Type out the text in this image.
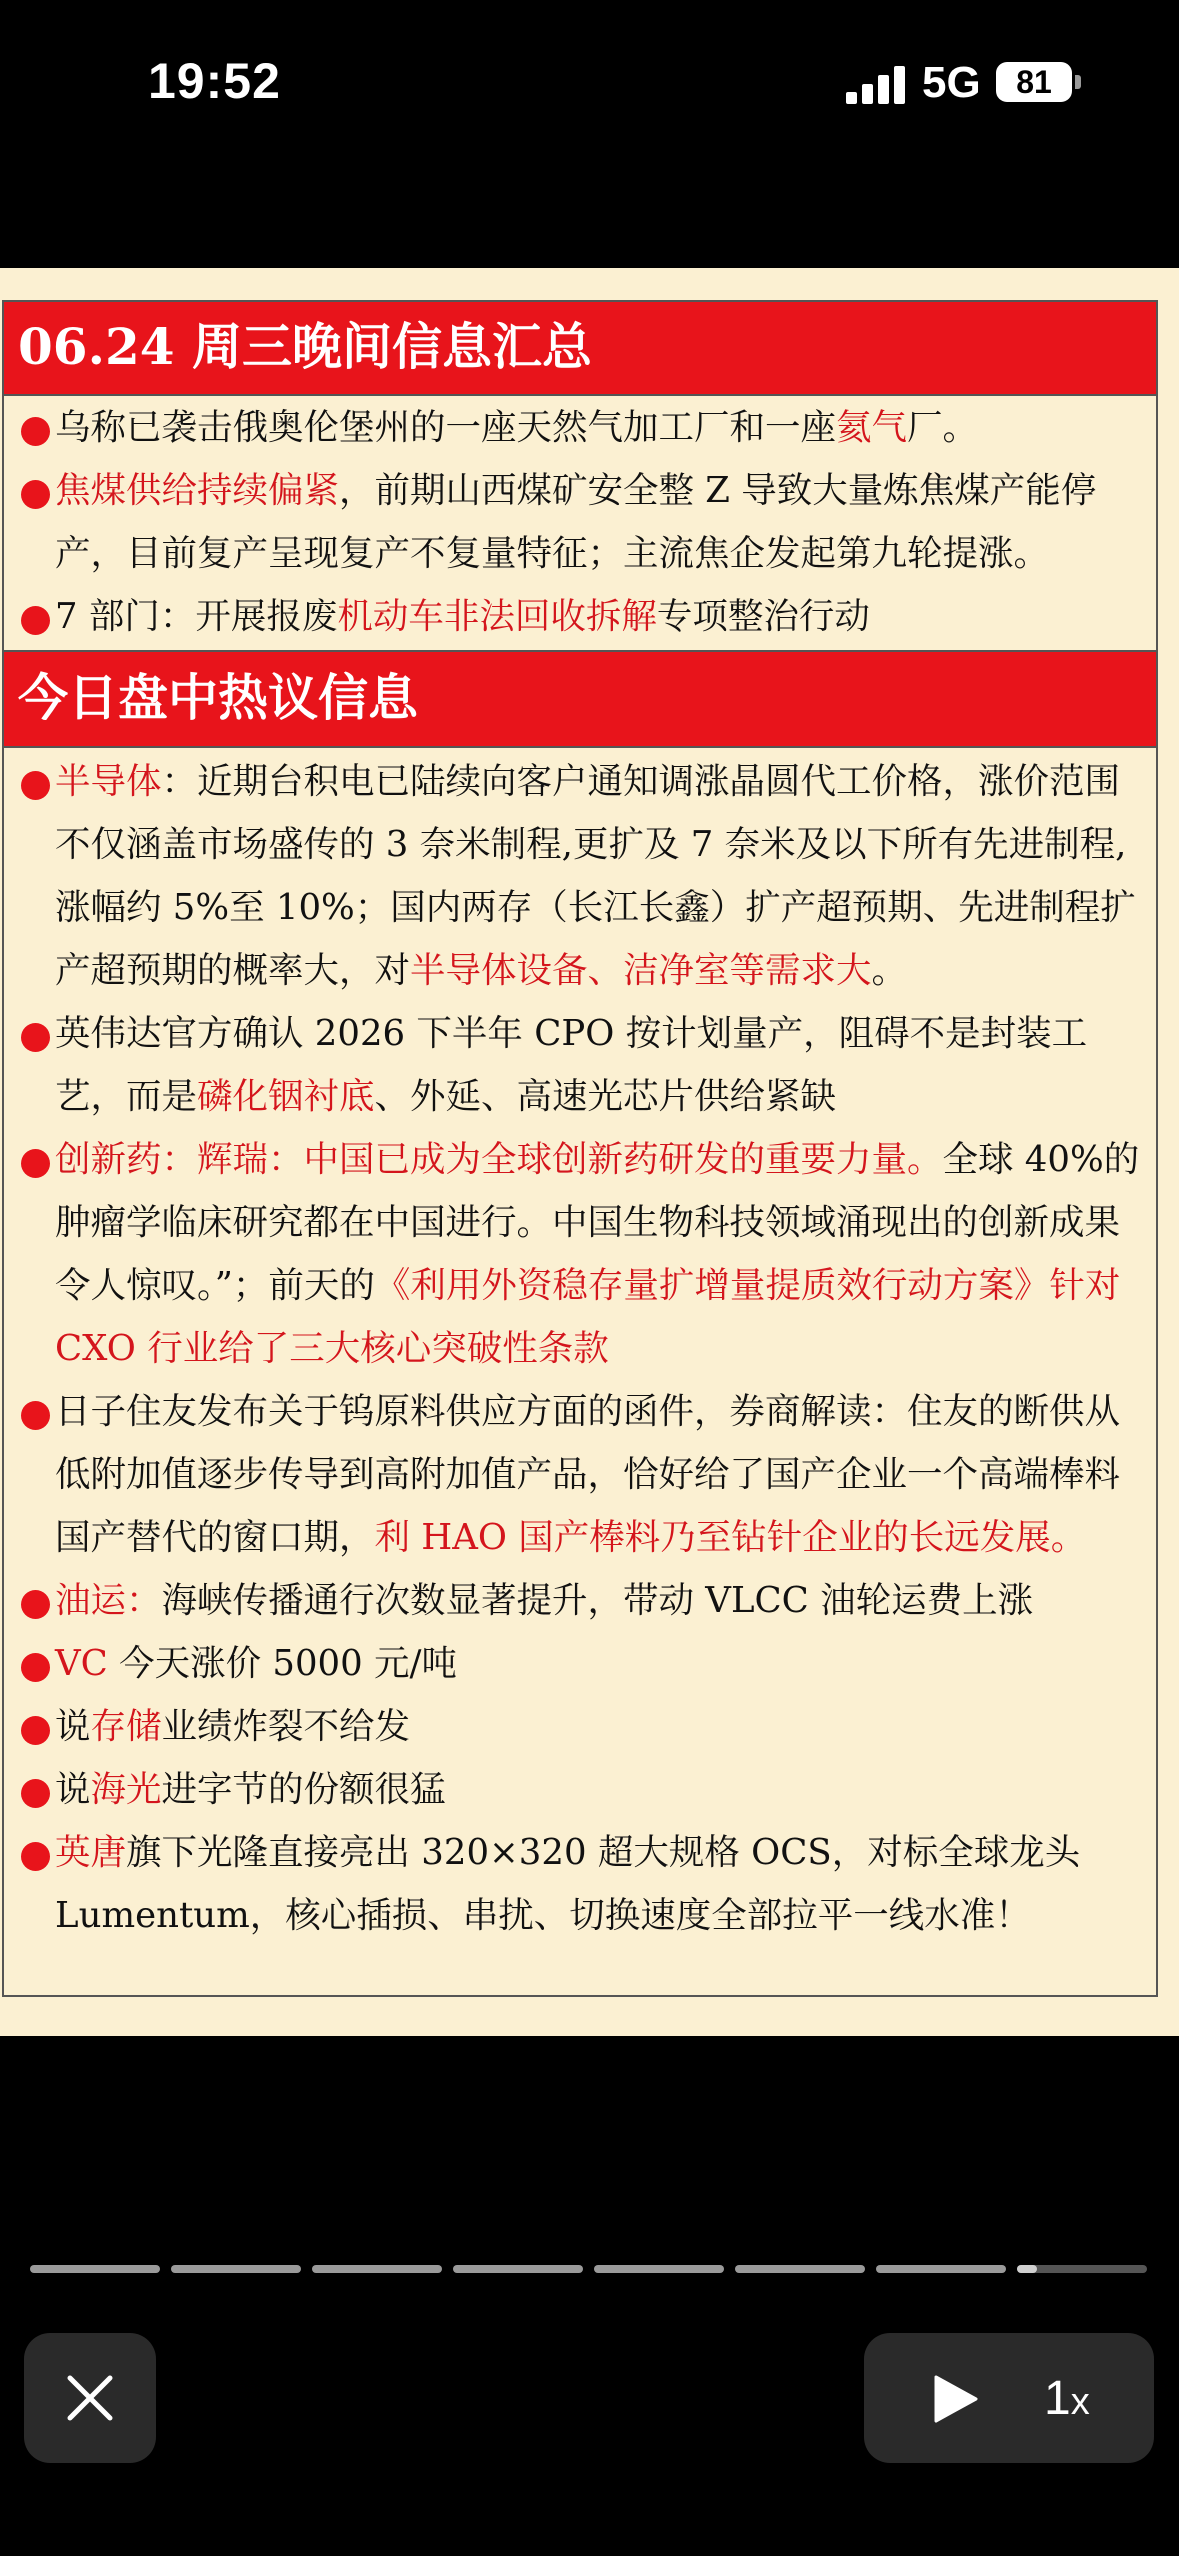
19:52	5G	81
06.24 周三晚间信息汇总
乌称已袭击俄奥伦堡州的一座天然气加工厂和一座氦气厂。
焦煤供给持续偏紧，前期山西煤矿安全整 Z 导致大量炼焦煤产能停产，目前复产呈现复产不复量特征；主流焦企发起第九轮提涨。
7 部门：开展报废机动车非法回收拆解专项整治行动
今日盘中热议信息
半导体：近期台积电已陆续向客户通知调涨晶圆代工价格，涨价范围不仅涵盖市场盛传的 3 奈米制程,更扩及 7 奈米及以下所有先进制程,涨幅约 5%至 10%；国内两存（长江长鑫）扩产超预期、先进制程扩产超预期的概率大，对半导体设备、洁净室等需求大。
英伟达官方确认 2026 下半年 CPO 按计划量产，阻碍不是封装工艺，而是磷化铟衬底、外延、高速光芯片供给紧缺
创新药：辉瑞：中国已成为全球创新药研发的重要力量。全球 40%的肿瘤学临床研究都在中国进行。中国生物科技领域涌现出的创新成果令人惊叹。”；前天的《利用外资稳存量扩增量提质效行动方案》针对 CXO 行业给了三大核心突破性条款
日子住友发布关于钨原料供应方面的函件，券商解读：住友的断供从低附加值逐步传导到高附加值产品，恰好给了国产企业一个高端棒料国产替代的窗口期，利 HAO 国产棒料乃至钻针企业的长远发展。
油运：海峡传播通行次数显著提升，带动 VLCC 油轮运费上涨
VC 今天涨价 5000 元/吨
说存储业绩炸裂不给发
说海光进字节的份额很猛
英唐旗下光隆直接亮出 320×320 超大规格 OCS，对标全球龙头 Lumentum，核心插损、串扰、切换速度全部拉平一线水准！
1x
